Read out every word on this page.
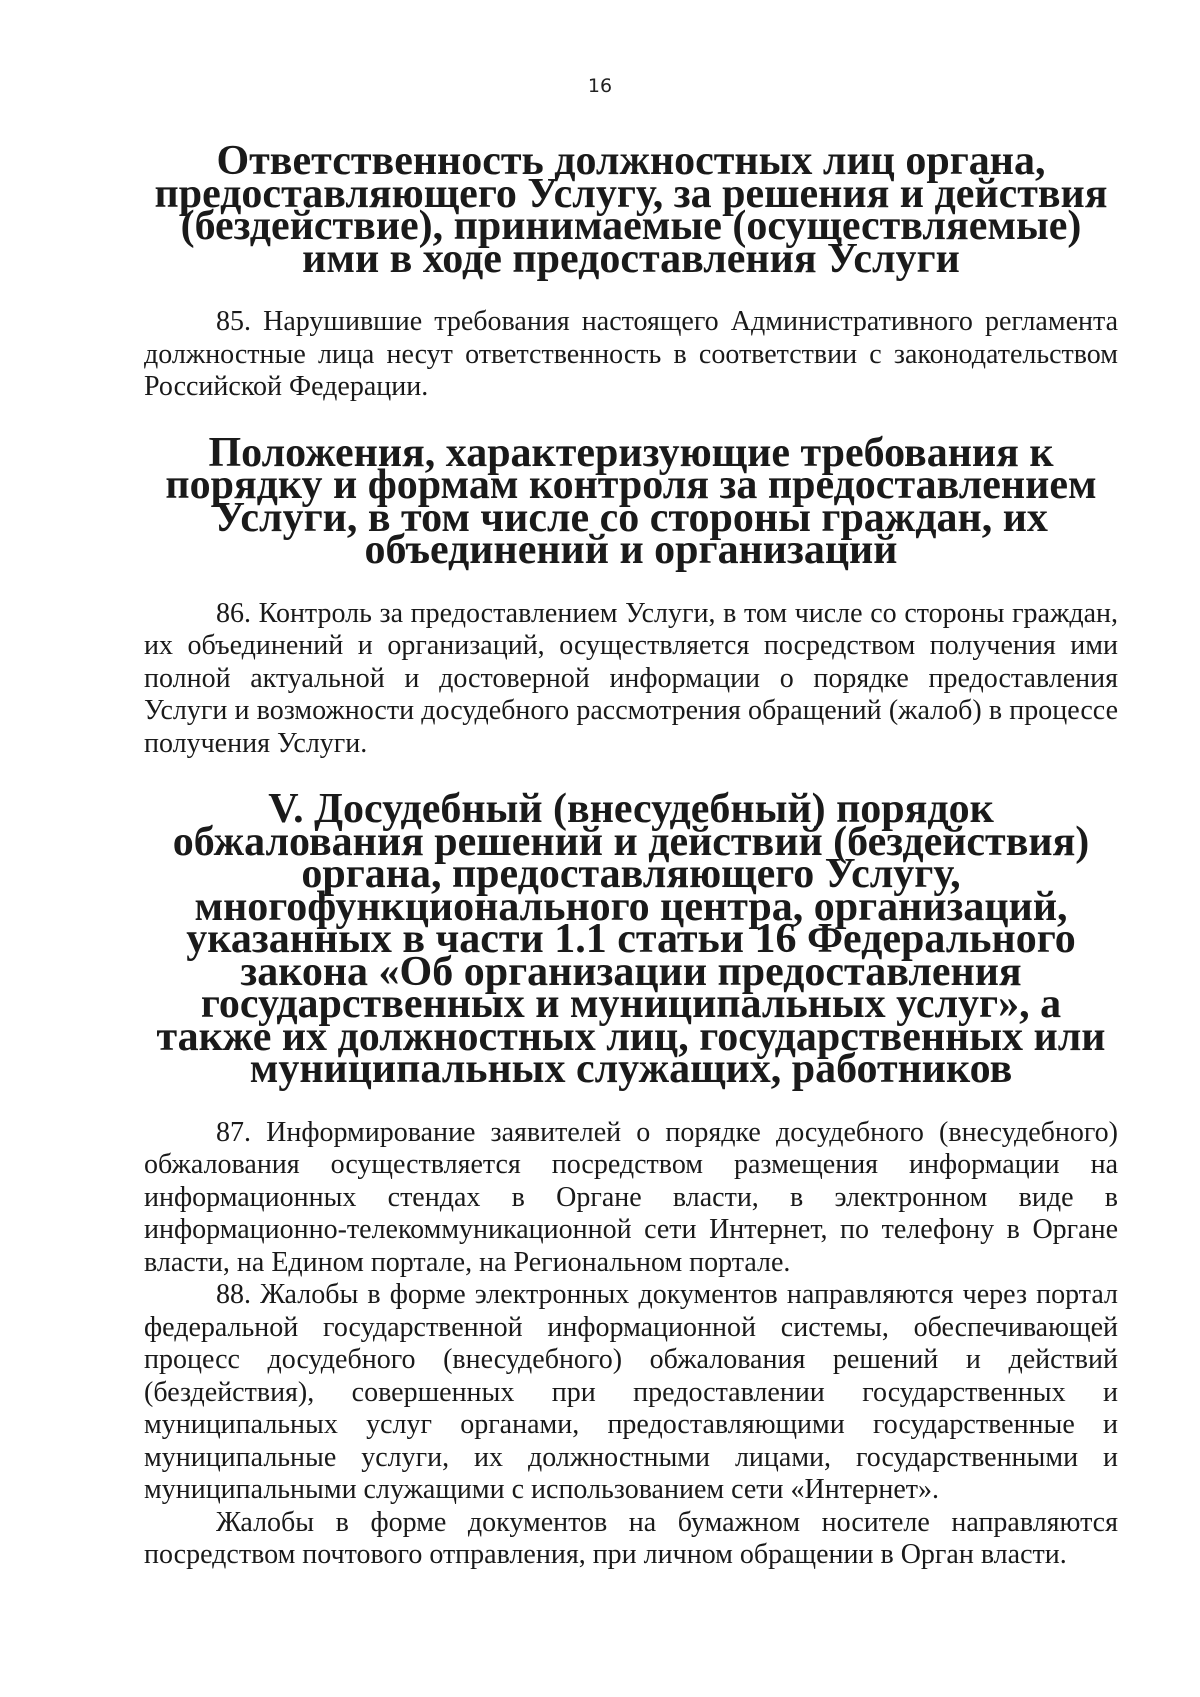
16
Ответственность должностных лиц органа, предоставляющего Услугу, за решения и действия (бездействие), принимаемые (осуществляемые) ими в ходе предоставления Услуги

85. Нарушившие требования настоящего Административного регламента должностные лица несут ответственность в соответствии с законодательством Российской Федерации.

Положения, характеризующие требования к порядку и формам контроля за предоставлением Услуги, в том числе со стороны граждан, их объединений и организаций

86. Контроль за предоставлением Услуги, в том числе со стороны граждан, их объединений и организаций, осуществляется посредством получения ими полной актуальной и достоверной информации о порядке предоставления Услуги и возможности досудебного рассмотрения обращений (жалоб) в процессе получения Услуги.

V. Досудебный (внесудебный) порядок обжалования решений и действий (бездействия) органа, предоставляющего Услугу, многофункционального центра, организаций, указанных в части 1.1 статьи 16 Федерального закона «Об организации предоставления государственных и муниципальных услуг», а также их должностных лиц, государственных или муниципальных служащих, работников

87. Информирование заявителей о порядке досудебного (внесудебного) обжалования осуществляется посредством размещения информации на информационных стендах в Органе власти, в электронном виде в информационно-телекоммуникационной сети Интернет, по телефону в Органе власти, на Едином портале, на Региональном портале.

88. Жалобы в форме электронных документов направляются через портал федеральной государственной информационной системы, обеспечивающей процесс досудебного (внесудебного) обжалования решений и действий (бездействия), совершенных при предоставлении государственных и муниципальных услуг органами, предоставляющими государственные и муниципальные услуги, их должностными лицами, государственными и муниципальными служащими с использованием сети «Интернет».

Жалобы в форме документов на бумажном носителе направляются посредством почтового отправления, при личном обращении в Орган власти.
